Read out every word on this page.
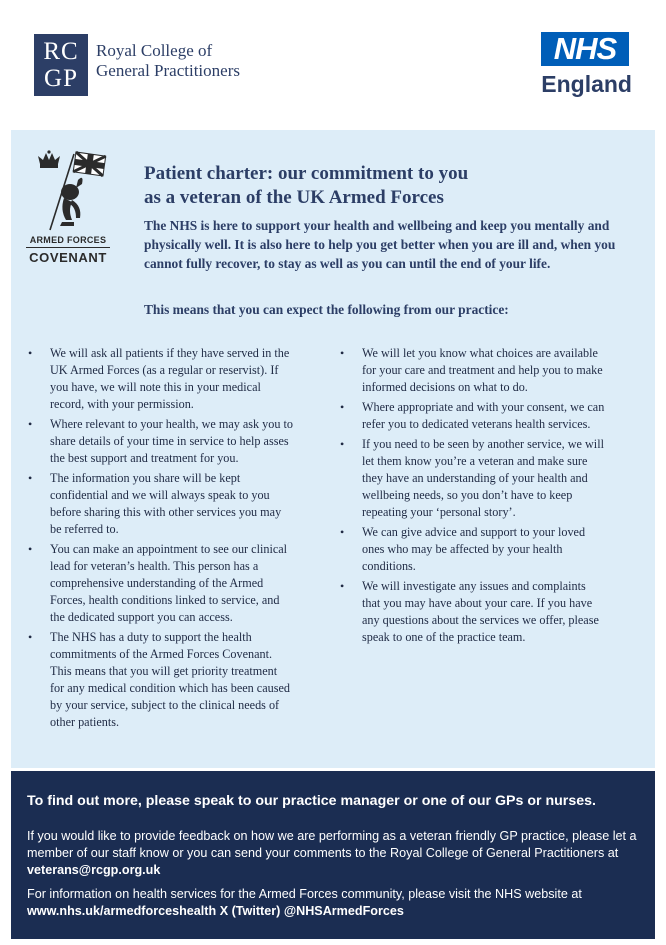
RC
GP
Royal College of
General Practitioners
NHS
England
ARMED FORCES
COVENANT
Patient charter: our commitment to you
as a veteran of the UK Armed Forces
The NHS is here to support your health and wellbeing and keep you mentally and physically well. It is also here to help you get better when you are ill and, when you cannot fully recover, to stay as well as you can until the end of your life.
This means that you can expect the following from our practice:
• We will ask all patients if they have served in the UK Armed Forces (as a regular or reservist). If you have, we will note this in your medical record, with your permission.
• Where relevant to your health, we may ask you to share details of your time in service to help asses the best support and treatment for you.
• The information you share will be kept confidential and we will always speak to you before sharing this with other services you may be referred to.
• You can make an appointment to see our clinical lead for veteran’s health. This person has a comprehensive understanding of the Armed Forces, health conditions linked to service, and the dedicated support you can access.
• The NHS has a duty to support the health commitments of the Armed Forces Covenant. This means that you will get priority treatment for any medical condition which has been caused by your service, subject to the clinical needs of other patients.
• We will let you know what choices are available for your care and treatment and help you to make informed decisions on what to do.
• Where appropriate and with your consent, we can refer you to dedicated veterans health services.
• If you need to be seen by another service, we will let them know you’re a veteran and make sure they have an understanding of your health and wellbeing needs, so you don’t have to keep repeating your ‘personal story’.
• We can give advice and support to your loved ones who may be affected by your health conditions.
• We will investigate any issues and complaints that you may have about your care. If you have any questions about the services we offer, please speak to one of the practice team.
To find out more, please speak to our practice manager or one of our GPs or nurses.
If you would like to provide feedback on how we are performing as a veteran friendly GP practice, please let a member of our staff know or you can send your comments to the Royal College of General Practitioners at veterans@rcgp.org.uk
For information on health services for the Armed Forces community, please visit the NHS website at www.nhs.uk/armedforceshealth X (Twitter) @NHSArmedForces
